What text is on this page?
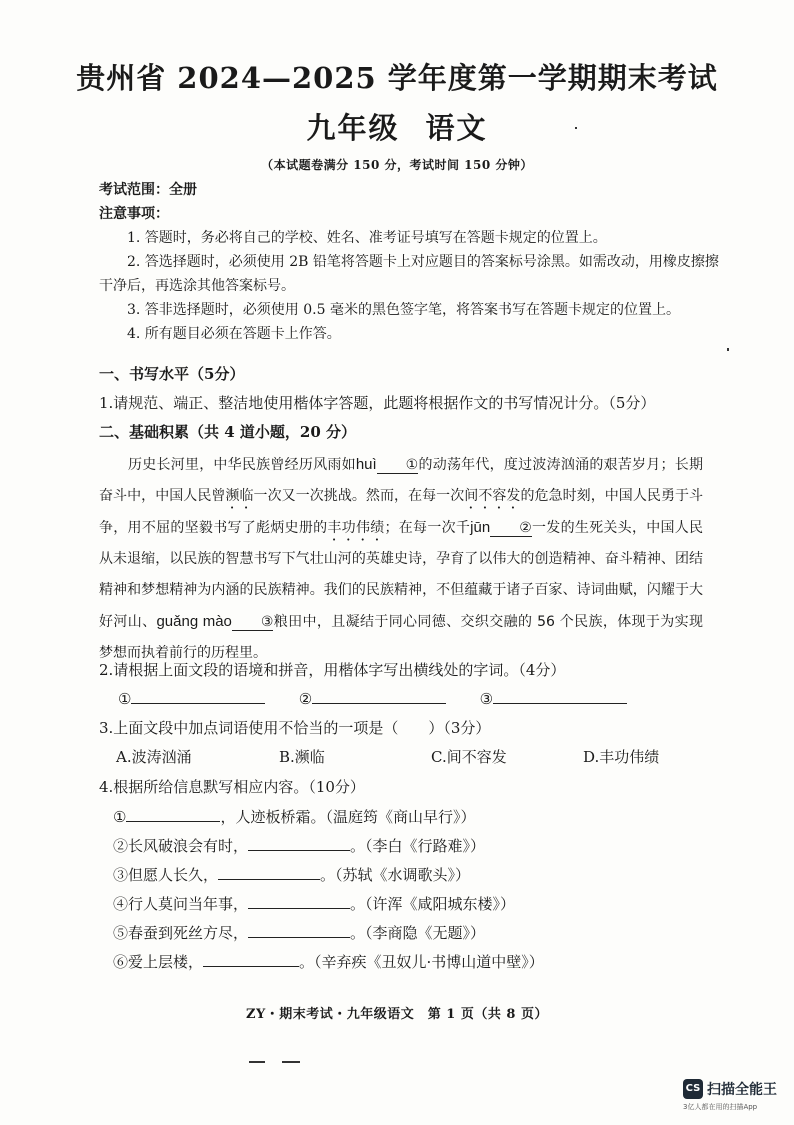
贵州省 2024—2025 学年度第一学期期末考试
九年级 语文
（本试题卷满分 150 分，考试时间 150 分钟）
考试范围：全册
注意事项：
1. 答题时，务必将自己的学校、姓名、准考证号填写在答题卡规定的位置上。
2. 答选择题时，必须使用 2B 铅笔将答题卡上对应题目的答案标号涂黑。如需改动，用橡皮擦擦
干净后，再选涂其他答案标号。
3. 答非选择题时，必须使用 0.5 毫米的黑色签字笔，将答案书写在答题卡规定的位置上。
4. 所有题目必须在答题卡上作答。
一、书写水平（5分）
1.请规范、端正、整洁地使用楷体字答题，此题将根据作文的书写情况计分。（5分）
二、基础积累（共 4 道小题，20 分）

历史长河里，中华民族曾经历风雨如huì ①的动荡年代，度过波涛汹涌的艰苦岁月；长期奋斗中，中国人民曾濒临一次又一次挑战。然而，在每一次间不容发的危急时刻，中国人民勇于斗争，用不屈的坚毅书写了彪炳史册的丰功伟绩；在每一次千jūn ②一发的生死关头，中国人民从未退缩，以民族的智慧书写下气壮山河的英雄史诗，孕育了以伟大的创造精神、奋斗精神、团结精神和梦想精神为内涵的民族精神。我们的民族精神，不但蕴藏于诸子百家、诗词曲赋，闪耀于大好河山、guǎng mào ③粮田中，且凝结于同心同德、交织交融的 56 个民族，体现于为实现梦想而执着前行的历程里。

2.请根据上面文段的语境和拼音，用楷体字写出横线处的字词。（4分）
①	②	③
3.上面文段中加点词语使用不恰当的一项是（　　）（3分）
A.波涛汹涌	B.濒临	C.间不容发	D.丰功伟绩
4.根据所给信息默写相应内容。（10分）
①	，人迹板桥霜。（温庭筠《商山早行》）
②长风破浪会有时，	。（李白《行路难》）
③但愿人长久，	。（苏轼《水调歌头》）
④行人莫问当年事，	。（许浑《咸阳城东楼》）
⑤春蚕到死丝方尽，	。（李商隐《无题》）
⑥爱上层楼，	。（辛弃疾《丑奴儿·书博山道中壁》）
ZY・期末考试・九年级语文　第 1 页（共 8 页）
CS 扫描全能王
3亿人都在用的扫描App
